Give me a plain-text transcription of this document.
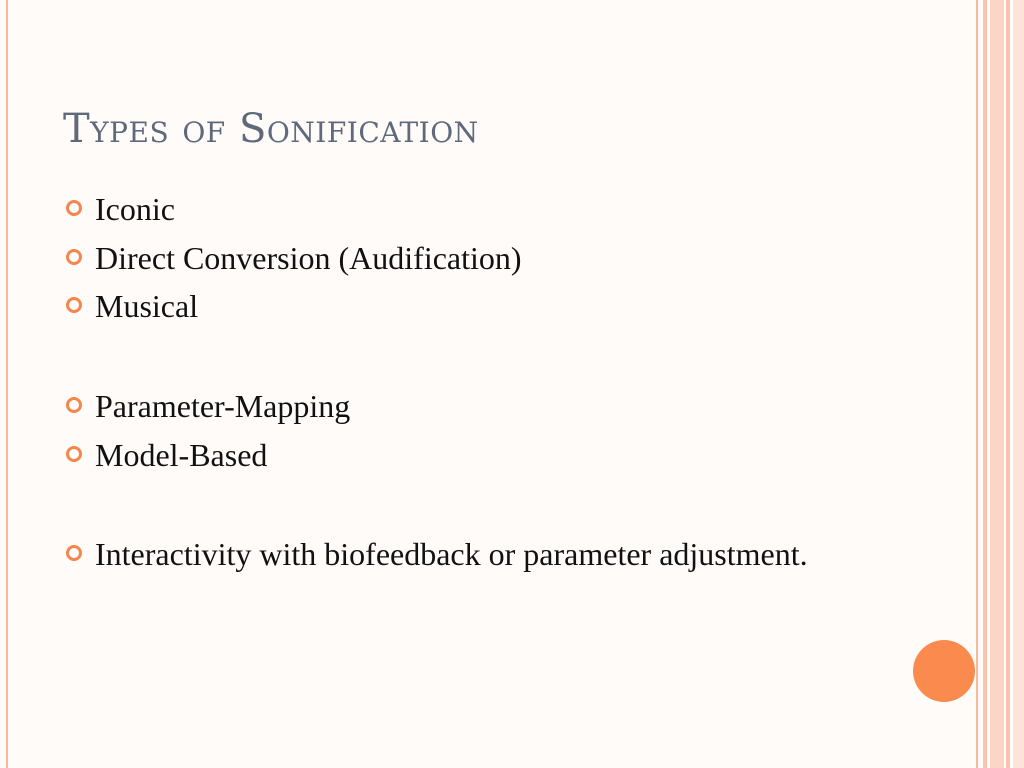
Types of Sonification
Iconic
Direct Conversion (Audification)
Musical
Parameter-Mapping
Model-Based
Interactivity with biofeedback or parameter adjustment.
